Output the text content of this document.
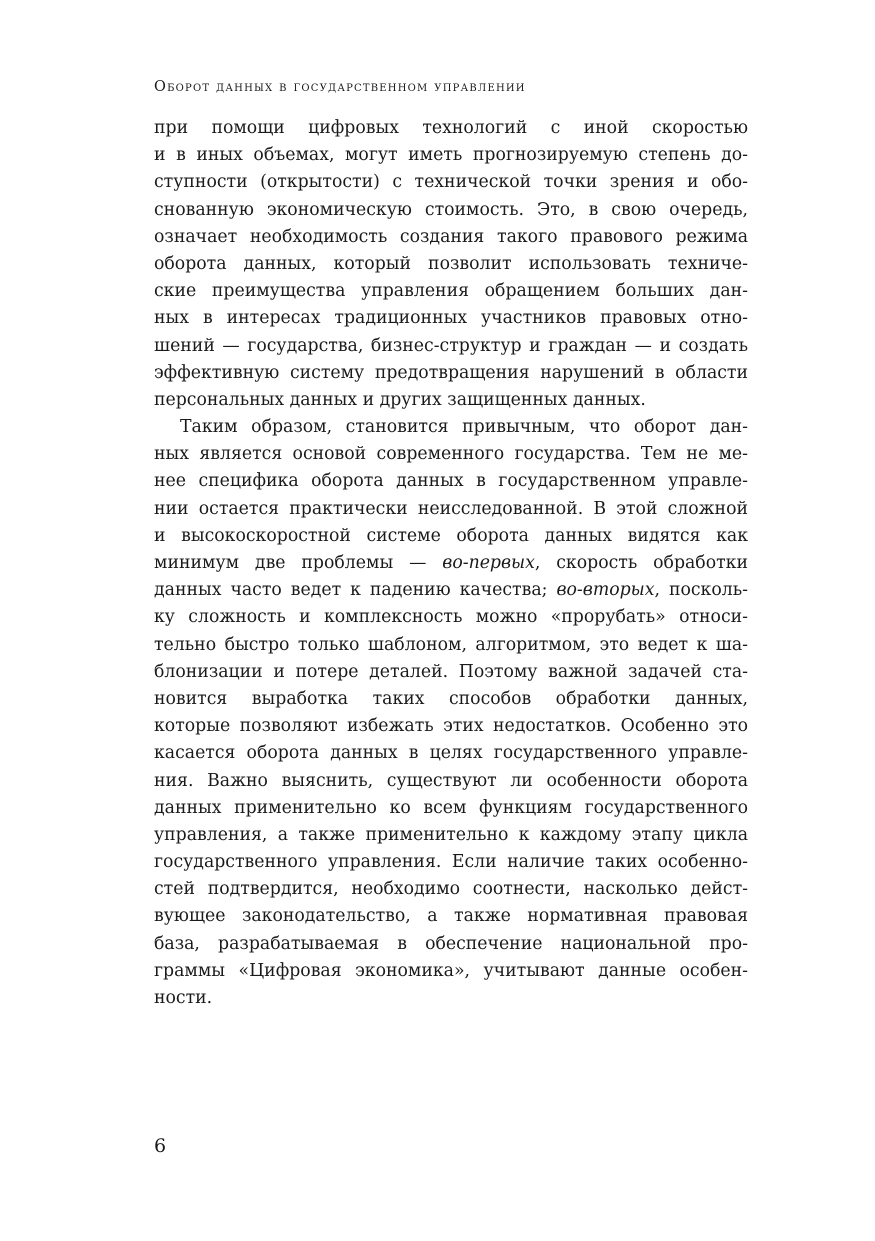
Оборот данных в государственном управлении
при помощи цифровых технологий с иной скоростью
и в иных объемах, могут иметь прогнозируемую степень до-
ступности (открытости) с технической точки зрения и обо-
снованную экономическую стоимость. Это, в свою очередь,
означает необходимость создания такого правового режима
оборота данных, который позволит использовать техниче-
ские преимущества управления обращением больших дан-
ных в интересах традиционных участников правовых отно-
шений — государства, бизнес-структур и граждан — и создать
эффективную систему предотвращения нарушений в области
персональных данных и других защищенных данных.
Таким образом, становится привычным, что оборот дан-
ных является основой современного государства. Тем не ме-
нее специфика оборота данных в государственном управле-
нии остается практически неисследованной. В этой сложной
и высокоскоростной системе оборота данных видятся как
минимум две проблемы — во-первых, скорость обработки
данных часто ведет к падению качества; во-вторых, посколь-
ку сложность и комплексность можно «прорубать» относи-
тельно быстро только шаблоном, алгоритмом, это ведет к ша-
блонизации и потере деталей. Поэтому важной задачей ста-
новится выработка таких способов обработки данных,
которые позволяют избежать этих недостатков. Особенно это
касается оборота данных в целях государственного управле-
ния. Важно выяснить, существуют ли особенности оборота
данных применительно ко всем функциям государственного
управления, а также применительно к каждому этапу цикла
государственного управления. Если наличие таких особенно-
стей подтвердится, необходимо соотнести, насколько дейст-
вующее законодательство, а также нормативная правовая
база, разрабатываемая в обеспечение национальной про-
граммы «Цифровая экономика», учитывают данные особен-
ности.
6
